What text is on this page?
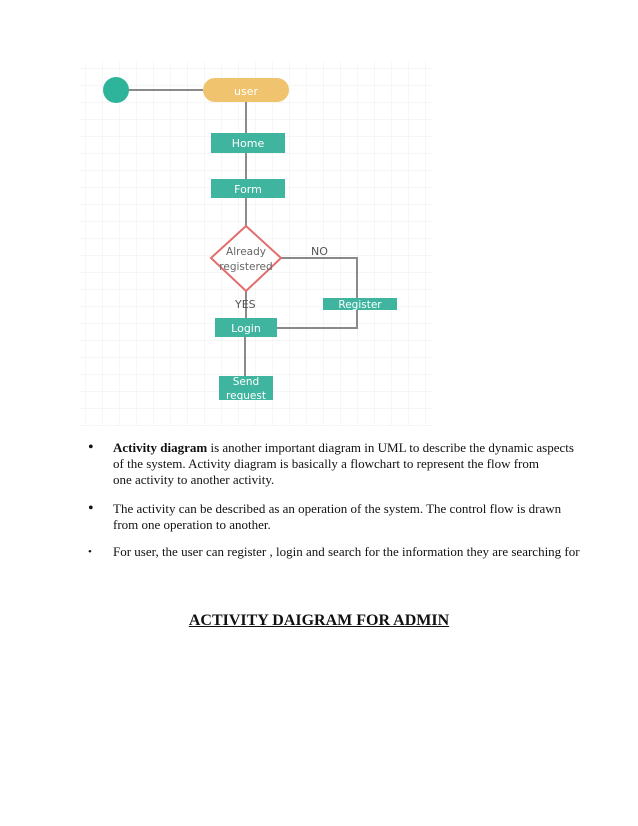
user
Home
Form
Already
registered
NO
YES	Register
Login
Send
request
•	Activity diagram is another important diagram in UML to describe the dynamic aspects
of the system. Activity diagram is basically a flowchart to represent the flow from
one activity to another activity.
•	The activity can be described as an operation of the system. The control flow is drawn
from one operation to another.
•	For user, the user can register , login and search for the information they are searching for
ACTIVITY DAIGRAM FOR ADMIN
